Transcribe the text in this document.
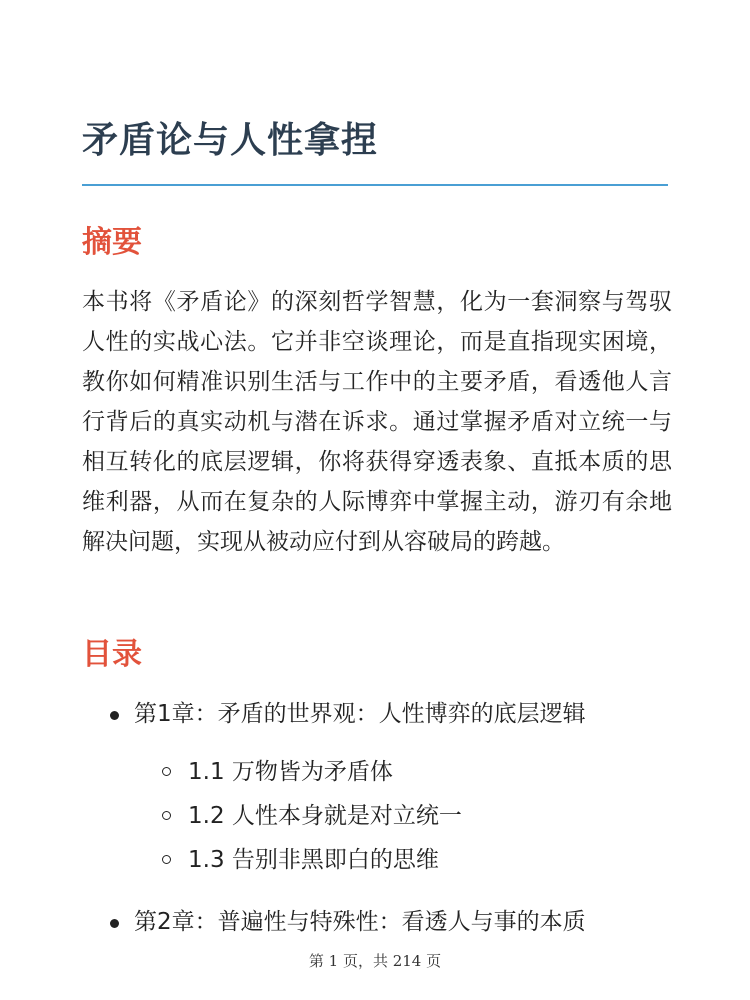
矛盾论与人性拿捏
摘要

本书将《矛盾论》的深刻哲学智慧，化为一套洞察与驾驭人性的实战心法。它并非空谈理论，而是直指现实困境，教你如何精准识别生活与工作中的主要矛盾，看透他人言行背后的真实动机与潜在诉求。通过掌握矛盾对立统一与相互转化的底层逻辑，你将获得穿透表象、直抵本质的思维利器，从而在复杂的人际博弈中掌握主动，游刃有余地解决问题，实现从被动应付到从容破局的跨越。

目录
第1章：矛盾的世界观：人性博弈的底层逻辑
1.1 万物皆为矛盾体
1.2 人性本身就是对立统一
1.3 告别非黑即白的思维
第2章：普遍性与特殊性：看透人与事的本质
第 1 页，共 214 页
